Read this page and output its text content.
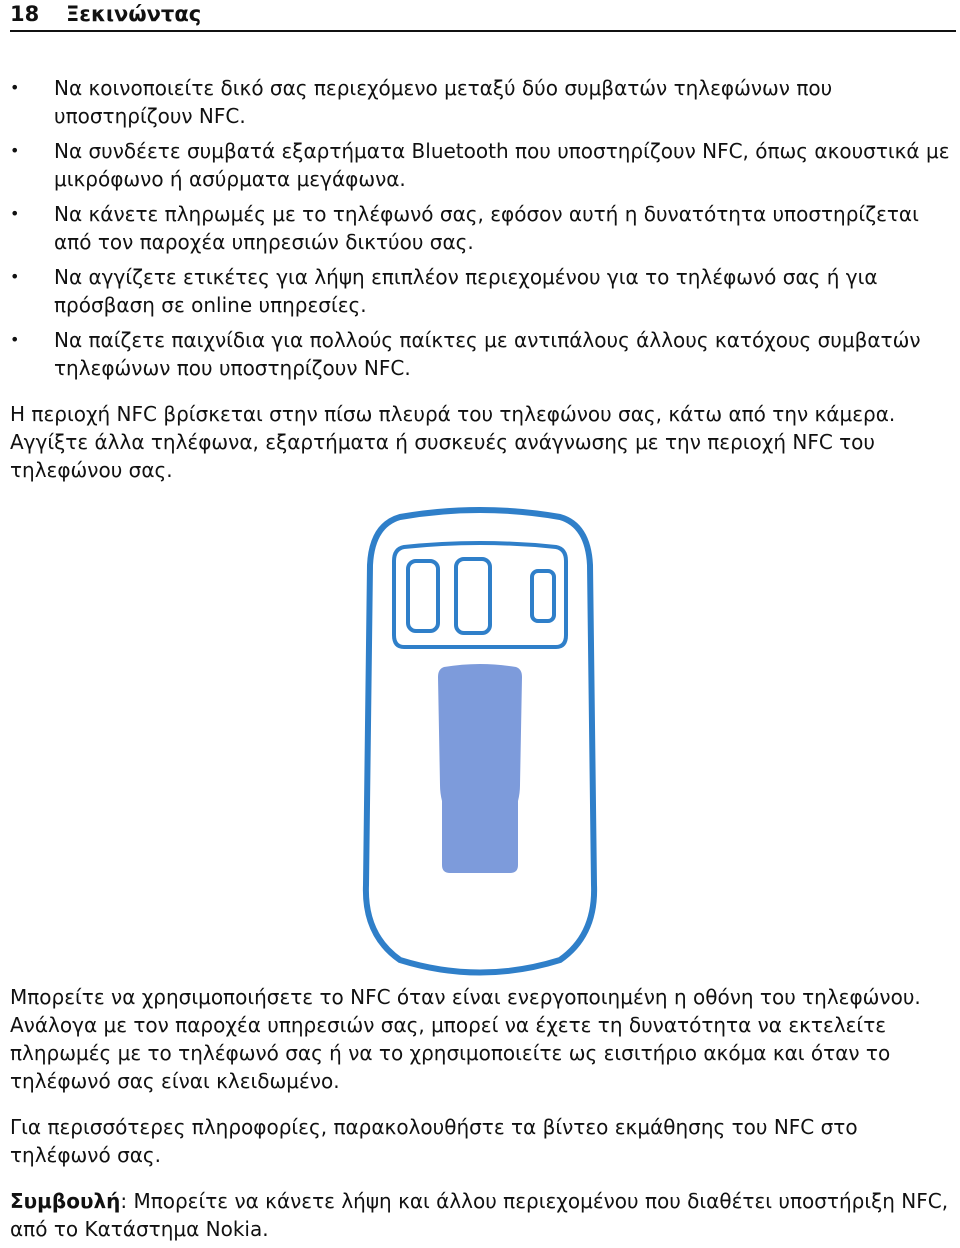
18	Ξεκινώντας
•	Να κοινοποιείτε δικό σας περιεχόμενο μεταξύ δύο συμβατών τηλεφώνων που υποστηρίζουν NFC.
•	Να συνδέετε συμβατά εξαρτήματα Bluetooth που υποστηρίζουν NFC, όπως ακουστικά με μικρόφωνο ή ασύρματα μεγάφωνα.
•	Να κάνετε πληρωμές με το τηλέφωνό σας, εφόσον αυτή η δυνατότητα υποστηρίζεται από τον παροχέα υπηρεσιών δικτύου σας.
•	Να αγγίζετε ετικέτες για λήψη επιπλέον περιεχομένου για το τηλέφωνό σας ή για πρόσβαση σε online υπηρεσίες.
•	Να παίζετε παιχνίδια για πολλούς παίκτες με αντιπάλους άλλους κατόχους συμβατών τηλεφώνων που υποστηρίζουν NFC.

Η περιοχή NFC βρίσκεται στην πίσω πλευρά του τηλεφώνου σας, κάτω από την κάμερα. Αγγίξτε άλλα τηλέφωνα, εξαρτήματα ή συσκευές ανάγνωσης με την περιοχή NFC του τηλεφώνου σας.

Μπορείτε να χρησιμοποιήσετε το NFC όταν είναι ενεργοποιημένη η οθόνη του τηλεφώνου. Ανάλογα με τον παροχέα υπηρεσιών σας, μπορεί να έχετε τη δυνατότητα να εκτελείτε πληρωμές με το τηλέφωνό σας ή να το χρησιμοποιείτε ως εισιτήριο ακόμα και όταν το τηλέφωνό σας είναι κλειδωμένο.

Για περισσότερες πληροφορίες, παρακολουθήστε τα βίντεο εκμάθησης του NFC στο τηλέφωνό σας.

Συμβουλή: Μπορείτε να κάνετε λήψη και άλλου περιεχομένου που διαθέτει υποστήριξη NFC, από το Κατάστημα Nokia.
